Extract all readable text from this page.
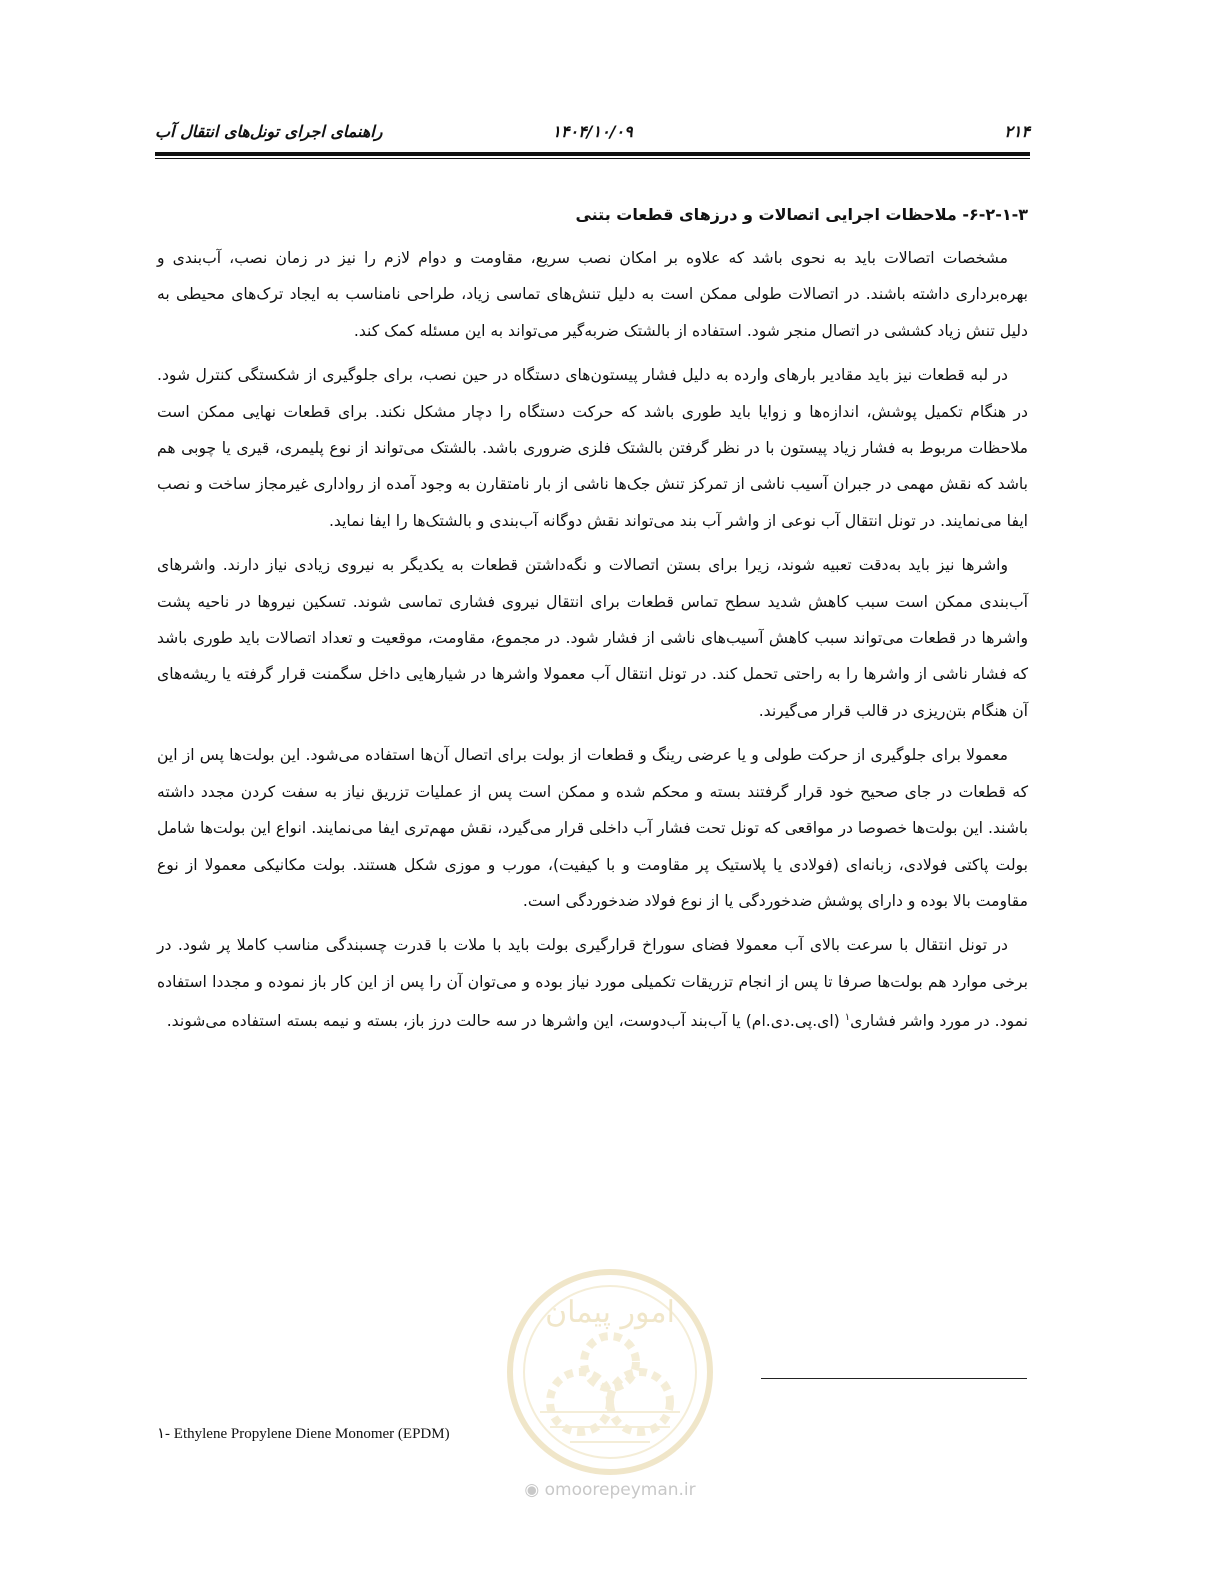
۲۱۴
۱۴۰۴/۱۰/۰۹
راهنمای اجرای تونل‌های انتقال آب
۶-۲-۱-۳- ملاحظات اجرایی اتصالات و درزهای قطعات بتنی

مشخصات اتصالات باید به نحوی باشد که علاوه بر امکان نصب سریع، مقاومت و دوام لازم را نیز در زمان نصب، آب‌بندی و بهره‌برداری داشته باشند. در اتصالات طولی ممکن است به دلیل تنش‌های تماسی زیاد، طراحی نامناسب به ایجاد ترک‌های محیطی به دلیل تنش زیاد کششی در اتصال منجر شود. استفاده از بالشتک ضربه‌گیر می‌تواند به این مسئله کمک کند.

در لبه قطعات نیز باید مقادیر بارهای وارده به دلیل فشار پیستون‌های دستگاه در حین نصب، برای جلوگیری از شکستگی کنترل شود. در هنگام تکمیل پوشش، اندازه‌ها و زوایا باید طوری باشد که حرکت دستگاه را دچار مشکل نکند. برای قطعات نهایی ممکن است ملاحظات مربوط به فشار زیاد پیستون با در نظر گرفتن بالشتک فلزی ضروری باشد. بالشتک می‌تواند از نوع پلیمری، قیری یا چوبی هم باشد که نقش مهمی در جبران آسیب ناشی از تمرکز تنش جک‌ها ناشی از بار نامتقارن به وجود آمده از رواداری غیرمجاز ساخت و نصب ایفا می‌نمایند. در تونل انتقال آب نوعی از واشر آب بند می‌تواند نقش دوگانه آب‌بندی و بالشتک‌ها را ایفا نماید.

واشرها نیز باید به‌دقت تعبیه شوند، زیرا برای بستن اتصالات و نگه‌داشتن قطعات به یکدیگر به نیروی زیادی نیاز دارند. واشرهای آب‌بندی ممکن است سبب کاهش شدید سطح تماس قطعات برای انتقال نیروی فشاری تماسی شوند. تسکین نیروها در ناحیه پشت واشرها در قطعات می‌تواند سبب کاهش آسیب‌های ناشی از فشار شود. در مجموع، مقاومت، موقعیت و تعداد اتصالات باید طوری باشد که فشار ناشی از واشرها را به راحتی تحمل کند. در تونل انتقال آب معمولا واشرها در شیارهایی داخل سگمنت قرار گرفته یا ریشه‌های آن هنگام بتن‌ریزی در قالب قرار می‌گیرند.

معمولا برای جلوگیری از حرکت طولی و یا عرضی رینگ و قطعات از بولت برای اتصال آن‌ها استفاده می‌شود. این بولت‌ها پس از این که قطعات در جای صحیح خود قرار گرفتند بسته و محکم شده و ممکن است پس از عملیات تزریق نیاز به سفت کردن مجدد داشته باشند. این بولت‌ها خصوصا در مواقعی که تونل تحت فشار آب داخلی قرار می‌گیرد، نقش مهم‌تری ایفا می‌نمایند. انواع این بولت‌ها شامل بولت پاکتی فولادی، زبانه‌ای (فولادی یا پلاستیک پر مقاومت و با کیفیت)، مورب و موزی شکل هستند. بولت مکانیکی معمولا از نوع مقاومت بالا بوده و دارای پوشش ضدخوردگی یا از نوع فولاد ضدخوردگی است.

در تونل انتقال با سرعت بالای آب معمولا فضای سوراخ قرارگیری بولت باید با ملات با قدرت چسبندگی مناسب کاملا پر شود. در برخی موارد هم بولت‌ها صرفا تا پس از انجام تزریقات تکمیلی مورد نیاز بوده و می‌توان آن را پس از این کار باز نموده و مجددا استفاده نمود. در مورد واشر فشاری$^۱$ (ای.پی.دی.ام) یا آب‌بند آب‌دوست، این واشرها در سه حالت درز باز، بسته و نیمه بسته استفاده می‌شوند.

امور پیمان
◉ omoorepeyman.ir
۱- Ethylene Propylene Diene Monomer (EPDM)
